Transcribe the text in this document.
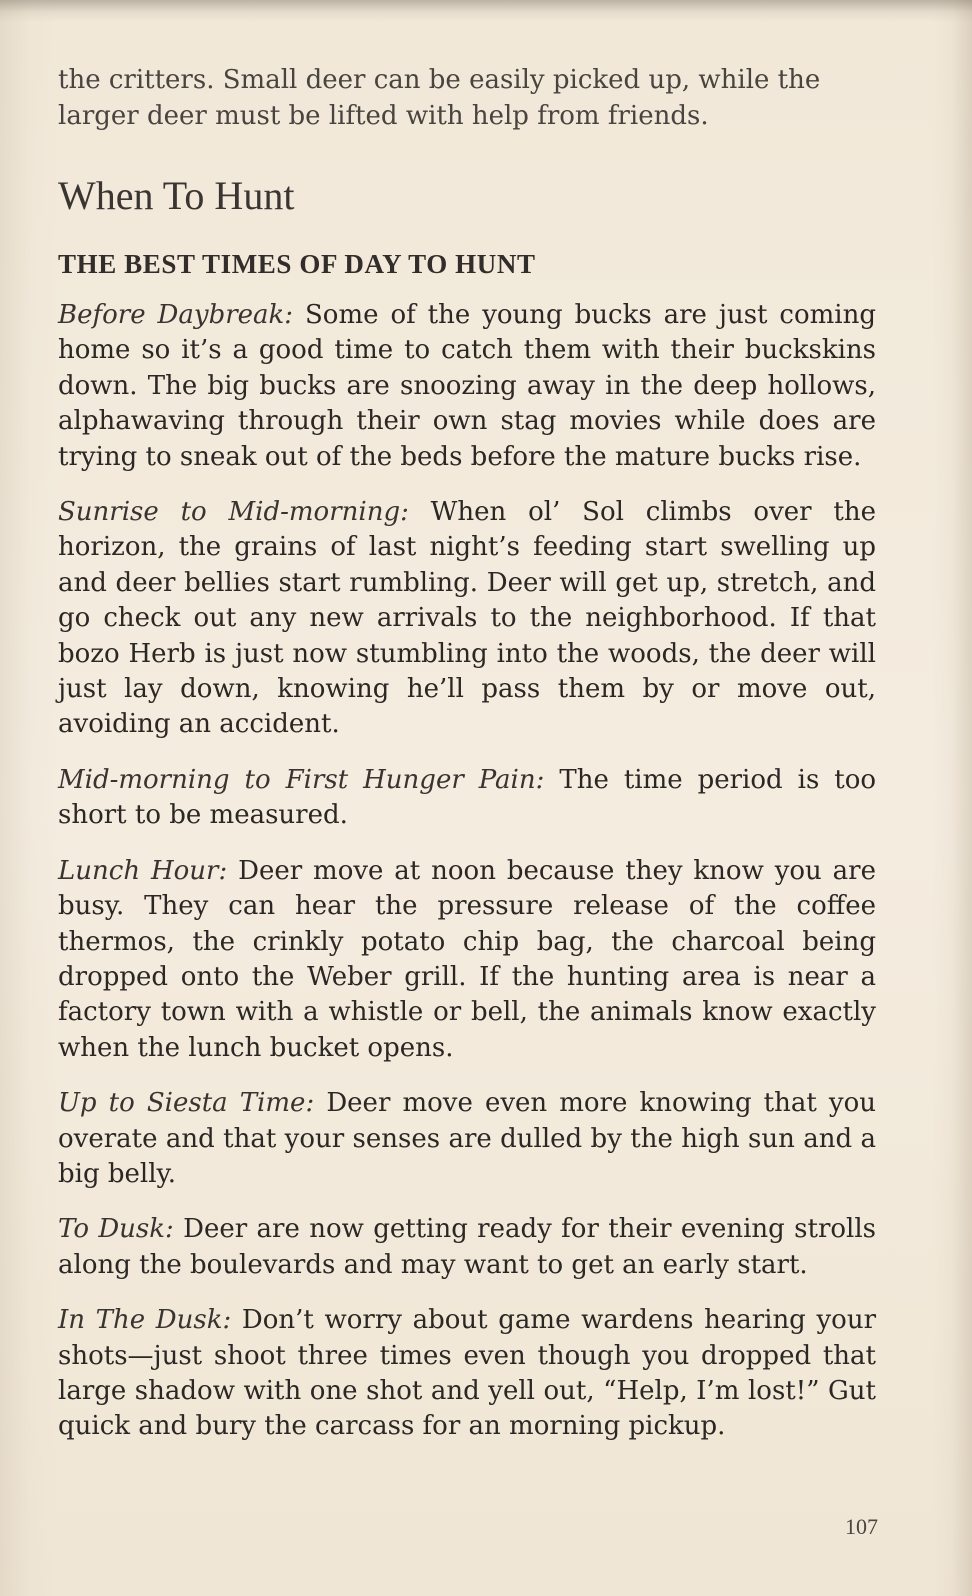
the critters. Small deer can be easily picked up, while the larger deer must be lifted with help from friends.

When To Hunt
THE BEST TIMES OF DAY TO HUNT

Before Daybreak: Some of the young bucks are just coming home so it’s a good time to catch them with their buckskins down. The big bucks are snoozing away in the deep hollows, alphawaving through their own stag movies while does are trying to sneak out of the beds before the mature bucks rise.

Sunrise to Mid-morning: When ol’ Sol climbs over the horizon, the grains of last night’s feeding start swelling up and deer bellies start rumbling. Deer will get up, stretch, and go check out any new arrivals to the neighborhood. If that bozo Herb is just now stumbling into the woods, the deer will just lay down, knowing he’ll pass them by or move out, avoiding an accident.

Mid-morning to First Hunger Pain: The time period is too short to be measured.

Lunch Hour: Deer move at noon because they know you are busy. They can hear the pressure release of the coffee thermos, the crinkly potato chip bag, the charcoal being dropped onto the Weber grill. If the hunting area is near a factory town with a whistle or bell, the animals know exactly when the lunch bucket opens.

Up to Siesta Time: Deer move even more knowing that you overate and that your senses are dulled by the high sun and a big belly.

To Dusk: Deer are now getting ready for their evening strolls along the boulevards and may want to get an early start.

In The Dusk: Don’t worry about game wardens hearing your shots—just shoot three times even though you dropped that large shadow with one shot and yell out, “Help, I’m lost!” Gut quick and bury the carcass for an morning pickup.

107
